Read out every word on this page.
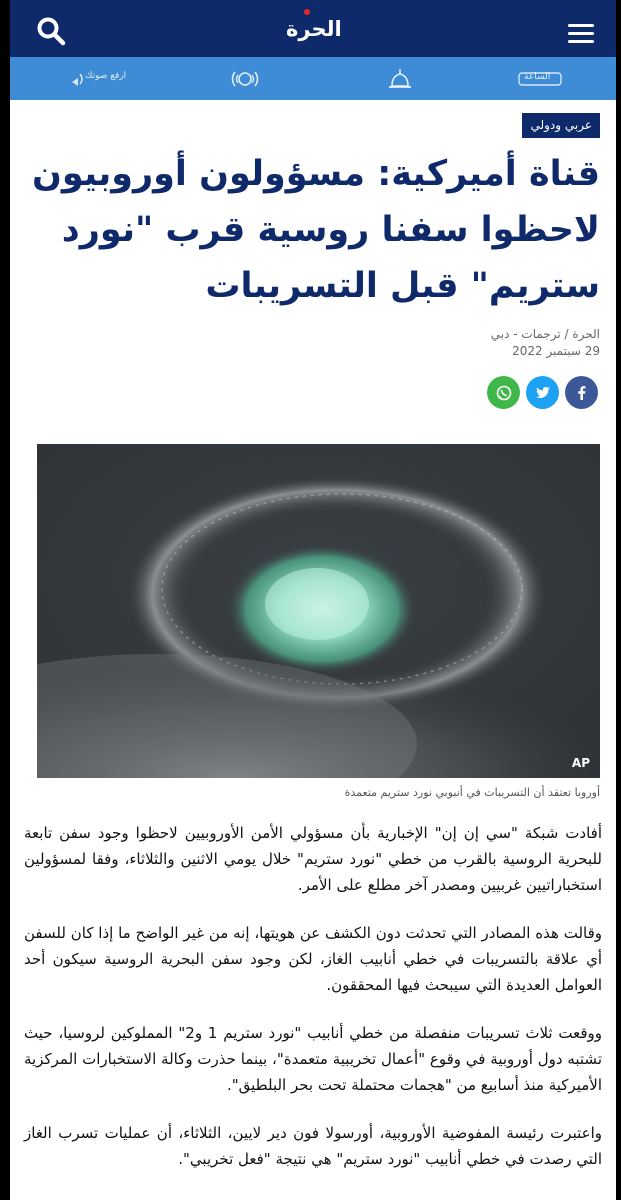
الحرة
ارفع صوتك	الساعة
عربي ودولي
قناة أميركية: مسؤولون أوروبيون لاحظوا سفنا روسية قرب "نورد ستريم" قبل التسريبات
الحرة / ترجمات - دبي
29 سبتمبر 2022
AP
أوروبا تعتقد أن التسريبات في أنبوبي نورد ستريم متعمدة

أفادت شبكة "سي إن إن" الإخبارية بأن مسؤولي الأمن الأوروبيين لاحظوا وجود سفن تابعة للبحرية الروسية بالقرب من خطي "نورد ستريم" خلال يومي الاثنين والثلاثاء، وفقا لمسؤولين استخباراتيين غربيين ومصدر آخر مطلع على الأمر.

وقالت هذه المصادر التي تحدثت دون الكشف عن هويتها، إنه من غير الواضح ما إذا كان للسفن أي علاقة بالتسريبات في خطي أنابيب الغاز، لكن وجود سفن البحرية الروسية سيكون أحد العوامل العديدة التي سيبحث فيها المحققون.

ووقعت ثلاث تسريبات منفصلة من خطي أنابيب "نورد ستريم 1 و2" المملوكين لروسيا، حيث تشتبه دول أوروبية في وقوع "أعمال تخريبية متعمدة"، بينما حذرت وكالة الاستخبارات المركزية الأميركية منذ أسابيع من "هجمات محتملة تحت بحر البلطيق".

واعتبرت رئيسة المفوضية الأوروبية، أورسولا فون دير لايين، الثلاثاء، أن عمليات تسرب الغاز التي رصدت في خطي أنابيب "نورد ستريم" هي نتيجة "فعل تخريبي".
